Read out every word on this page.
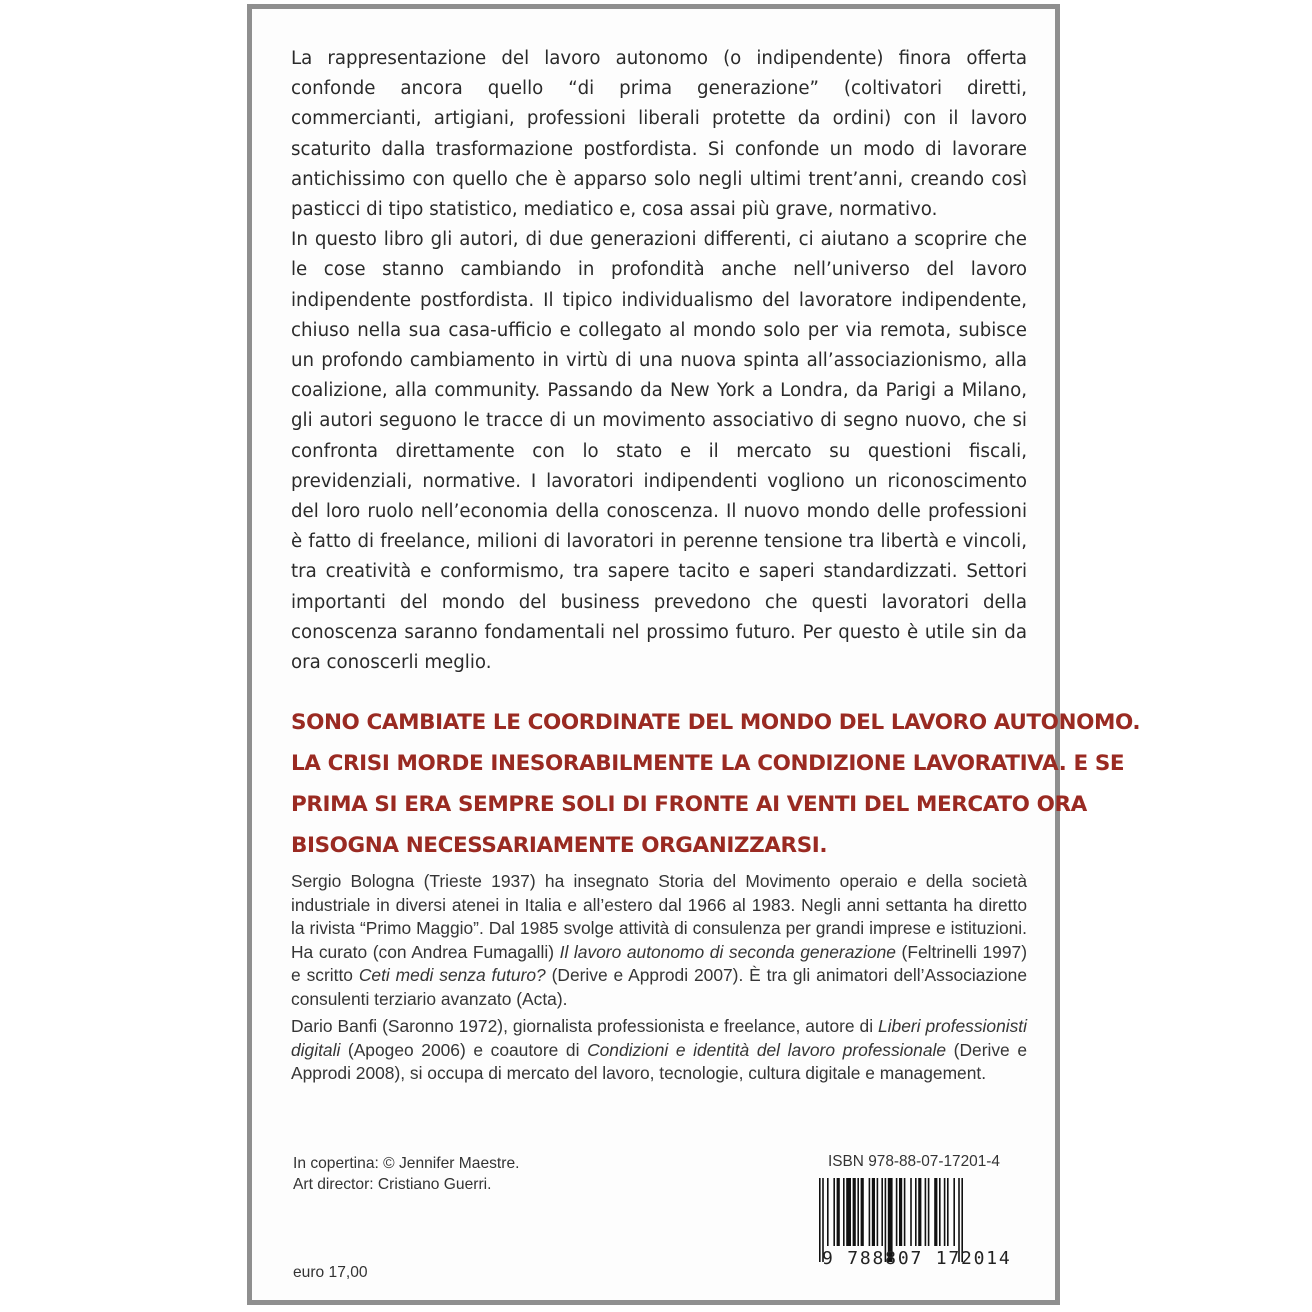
La rappresentazione del lavoro autonomo (o indipendente) finora offerta confonde ancora quello “di prima generazione” (coltivatori diretti, commercianti, artigiani, professioni liberali protette da ordini) con il lavoro scaturito dalla trasformazione postfordista. Si confonde un modo di lavorare antichissimo con quello che è apparso solo negli ultimi trent’anni, creando così pasticci di tipo statistico, mediatico e, cosa assai più grave, normativo.

In questo libro gli autori, di due generazioni differenti, ci aiutano a scoprire che le cose stanno cambiando in profondità anche nell’universo del lavoro indipendente postfordista. Il tipico individualismo del lavoratore indipendente, chiuso nella sua casa-ufficio e collegato al mondo solo per via remota, subisce un profondo cambiamento in virtù di una nuova spinta all’associazionismo, alla coalizione, alla community. Passando da New York a Londra, da Parigi a Milano, gli autori seguono le tracce di un movimento associativo di segno nuovo, che si confronta direttamente con lo stato e il mercato su questioni fiscali, previdenziali, normative. I lavoratori indipendenti vogliono un riconoscimento del loro ruolo nell’economia della conoscenza. Il nuovo mondo delle professioni è fatto di freelance, milioni di lavoratori in perenne tensione tra libertà e vincoli, tra creatività e conformismo, tra sapere tacito e saperi standardizzati. Settori importanti del mondo del business prevedono che questi lavoratori della conoscenza saranno fondamentali nel prossimo futuro. Per questo è utile sin da ora conoscerli meglio.

SONO CAMBIATE LE COORDINATE DEL MONDO DEL LAVORO AUTONOMO.
LA CRISI MORDE INESORABILMENTE LA CONDIZIONE LAVORATIVA. E SE
PRIMA SI ERA SEMPRE SOLI DI FRONTE AI VENTI DEL MERCATO ORA
BISOGNA NECESSARIAMENTE ORGANIZZARSI.

Sergio Bologna (Trieste 1937) ha insegnato Storia del Movimento operaio e della società industriale in diversi atenei in Italia e all’estero dal 1966 al 1983. Negli anni settanta ha diretto la rivista “Primo Maggio”. Dal 1985 svolge attività di consulenza per grandi imprese e istituzioni. Ha curato (con Andrea Fumagalli) Il lavoro autonomo di seconda generazione (Feltrinelli 1997) e scritto Ceti medi senza futuro? (Derive e Approdi 2007). È tra gli animatori dell’Associazione consulenti terziario avanzato (Acta).

Dario Banfi (Saronno 1972), giornalista professionista e freelance, autore di Liberi professionisti digitali (Apogeo 2006) e coautore di Condizioni e identità del lavoro professionale (Derive e Approdi 2008), si occupa di mercato del lavoro, tecnologie, cultura digitale e management.

In copertina: © Jennifer Maestre.
Art director: Cristiano Guerri.
euro 17,00
ISBN 978-88-07-17201-4
9 788807 172014
